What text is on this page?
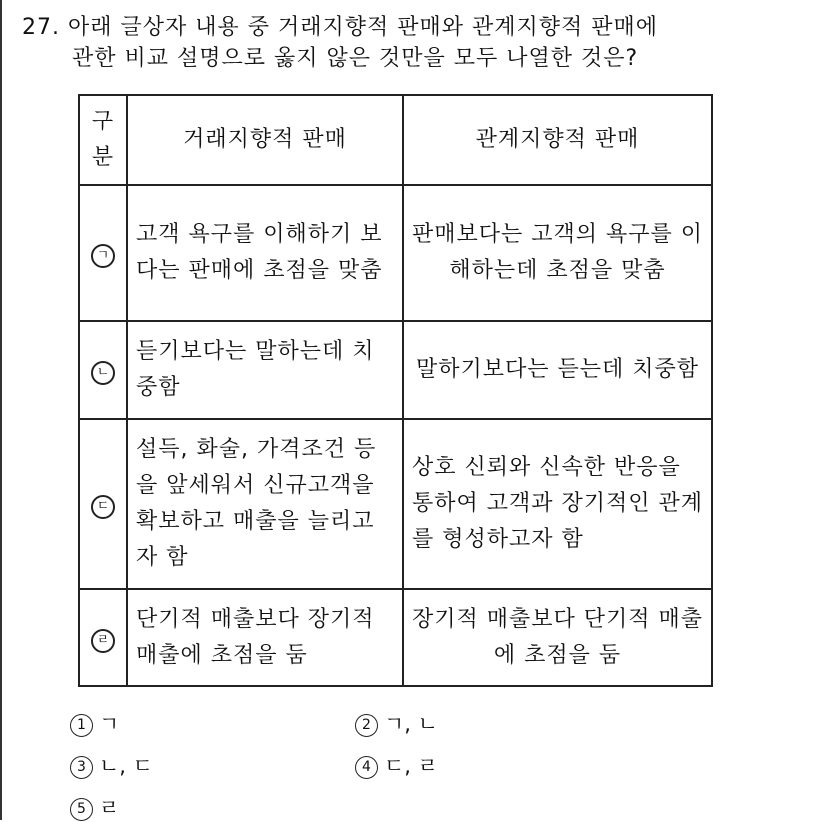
27. 아래 글상자 내용 중 거래지향적 판매와 관계지향적 판매에
관한 비교 설명으로 옳지 않은 것만을 모두 나열한 것은?
구
분	거래지향적 판매	관계지향적 판매
ㄱ	고객 욕구를 이해하기 보다는 판매에 초점을 맞춤	판매보다는 고객의 욕구를 이해하는데 초점을 맞춤
ㄴ	듣기보다는 말하는데 치중함	말하기보다는 듣는데 치중함
ㄷ	설득, 화술, 가격조건 등을 앞세워서 신규고객을 확보하고 매출을 늘리고자 함	상호 신뢰와 신속한 반응을 통하여 고객과 장기적인 관계를 형성하고자 함
ㄹ	단기적 매출보다 장기적 매출에 초점을 둠	장기적 매출보다 단기적 매출에 초점을 둠
1 ㄱ	2 ㄱ, ㄴ
3 ㄴ, ㄷ	4 ㄷ, ㄹ
5 ㄹ
